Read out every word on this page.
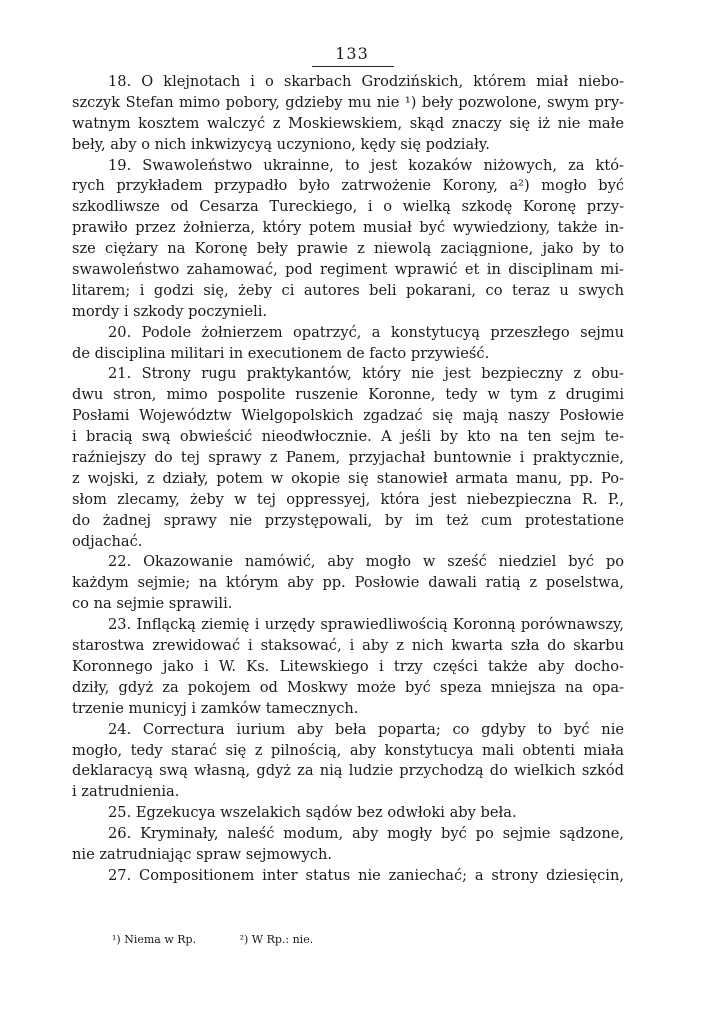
133
18. O klejnotach i o skarbach Grodzińskich, którem miał niebo-
szczyk Stefan mimo pobory, gdzieby mu nie ¹) beły pozwolone, swym pry-
watnym kosztem walczyć z Moskiewskiem, skąd znaczy się iż nie małe
beły, aby o nich inkwizycyą uczyniono, kędy się podziały.
19. Swawoleństwo ukrainne, to jest kozaków niżowych, za któ-
rych przykładem przypadło było zatrwożenie Korony, a²) mogło być
szkodliwsze od Cesarza Tureckiego, i o wielką szkodę Koronę przy-
prawiło przez żołnierza, który potem musiał być wywiedziony, także in-
sze ciężary na Koronę beły prawie z niewolą zaciągnione, jako by to
swawoleństwo zahamować, pod regiment wprawić et in disciplinam mi-
litarem; i godzi się, żeby ci autores beli pokarani, co teraz u swych
mordy i szkody poczynieli.
20. Podole żołnierzem opatrzyć, a konstytucyą przeszłego sejmu
de disciplina militari in executionem de facto przywieść.
21. Strony rugu praktykantów, który nie jest bezpieczny z obu-
dwu stron, mimo pospolite ruszenie Koronne, tedy w tym z drugimi
Posłami Województw Wielgopolskich zgadzać się mają naszy Posłowie
i bracią swą obwieścić nieodwłocznie. A jeśli by kto na ten sejm te-
raźniejszy do tej sprawy z Panem, przyjachał buntownie i praktycznie,
z wojski, z działy, potem w okopie się stanowieł armata manu, pp. Po-
słom zlecamy, żeby w tej oppressyej, która jest niebezpieczna R. P.,
do żadnej sprawy nie przystępowali, by im też cum protestatione
odjachać.
22. Okazowanie namówić, aby mogło w sześć niedziel być po
każdym sejmie; na którym aby pp. Posłowie dawali ratią z poselstwa,
co na sejmie sprawili.
23. Inflącką ziemię i urzędy sprawiedliwością Koronną porównawszy,
starostwa zrewidować i staksować, i aby z nich kwarta szła do skarbu
Koronnego jako i W. Ks. Litewskiego i trzy części także aby docho-
dziły, gdyż za pokojem od Moskwy może być speza mniejsza na opa-
trzenie municyj i zamków tamecznych.
24. Correctura iurium aby beła poparta; co gdyby to być nie
mogło, tedy starać się z pilnością, aby konstytucya mali obtenti miała
deklaracyą swą własną, gdyż za nią ludzie przychodzą do wielkich szkód
i zatrudnienia.
25. Egzekucya wszelakich sądów bez odwłoki aby beła.
26. Kryminały, naleść modum, aby mogły być po sejmie sądzone,
nie zatrudniając spraw sejmowych.
27. Compositionem inter status nie zaniechać; a strony dziesięcin,
¹) Niema w Rp.	²) W Rp.: nie.
